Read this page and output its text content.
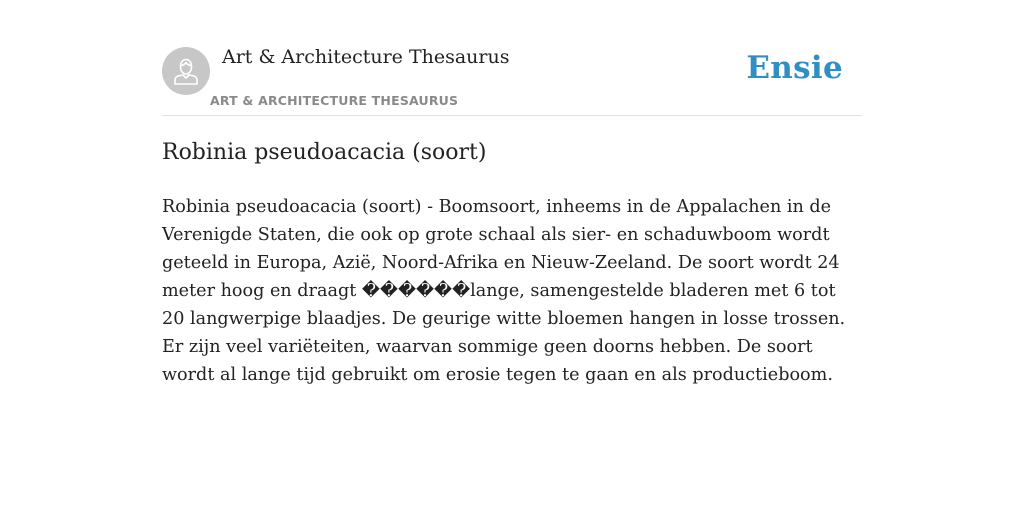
Art & Architecture Thesaurus
ART & ARCHITECTURE THESAURUS
Ensie
Robinia pseudoacacia (soort)

Robinia pseudoacacia (soort) - Boomsoort, inheems in de Appalachen in de Verenigde Staten, die ook op grote schaal als sier- en schaduwboom wordt geteeld in Europa, Azië, Noord-Afrika en Nieuw-Zeeland. De soort wordt 24 meter hoog en draagt ������lange, samengestelde bladeren met 6 tot 20 langwerpige blaadjes. De geurige witte bloemen hangen in losse trossen. Er zijn veel variëteiten, waarvan sommige geen doorns hebben. De soort wordt al lange tijd gebruikt om erosie tegen te gaan en als productieboom.
